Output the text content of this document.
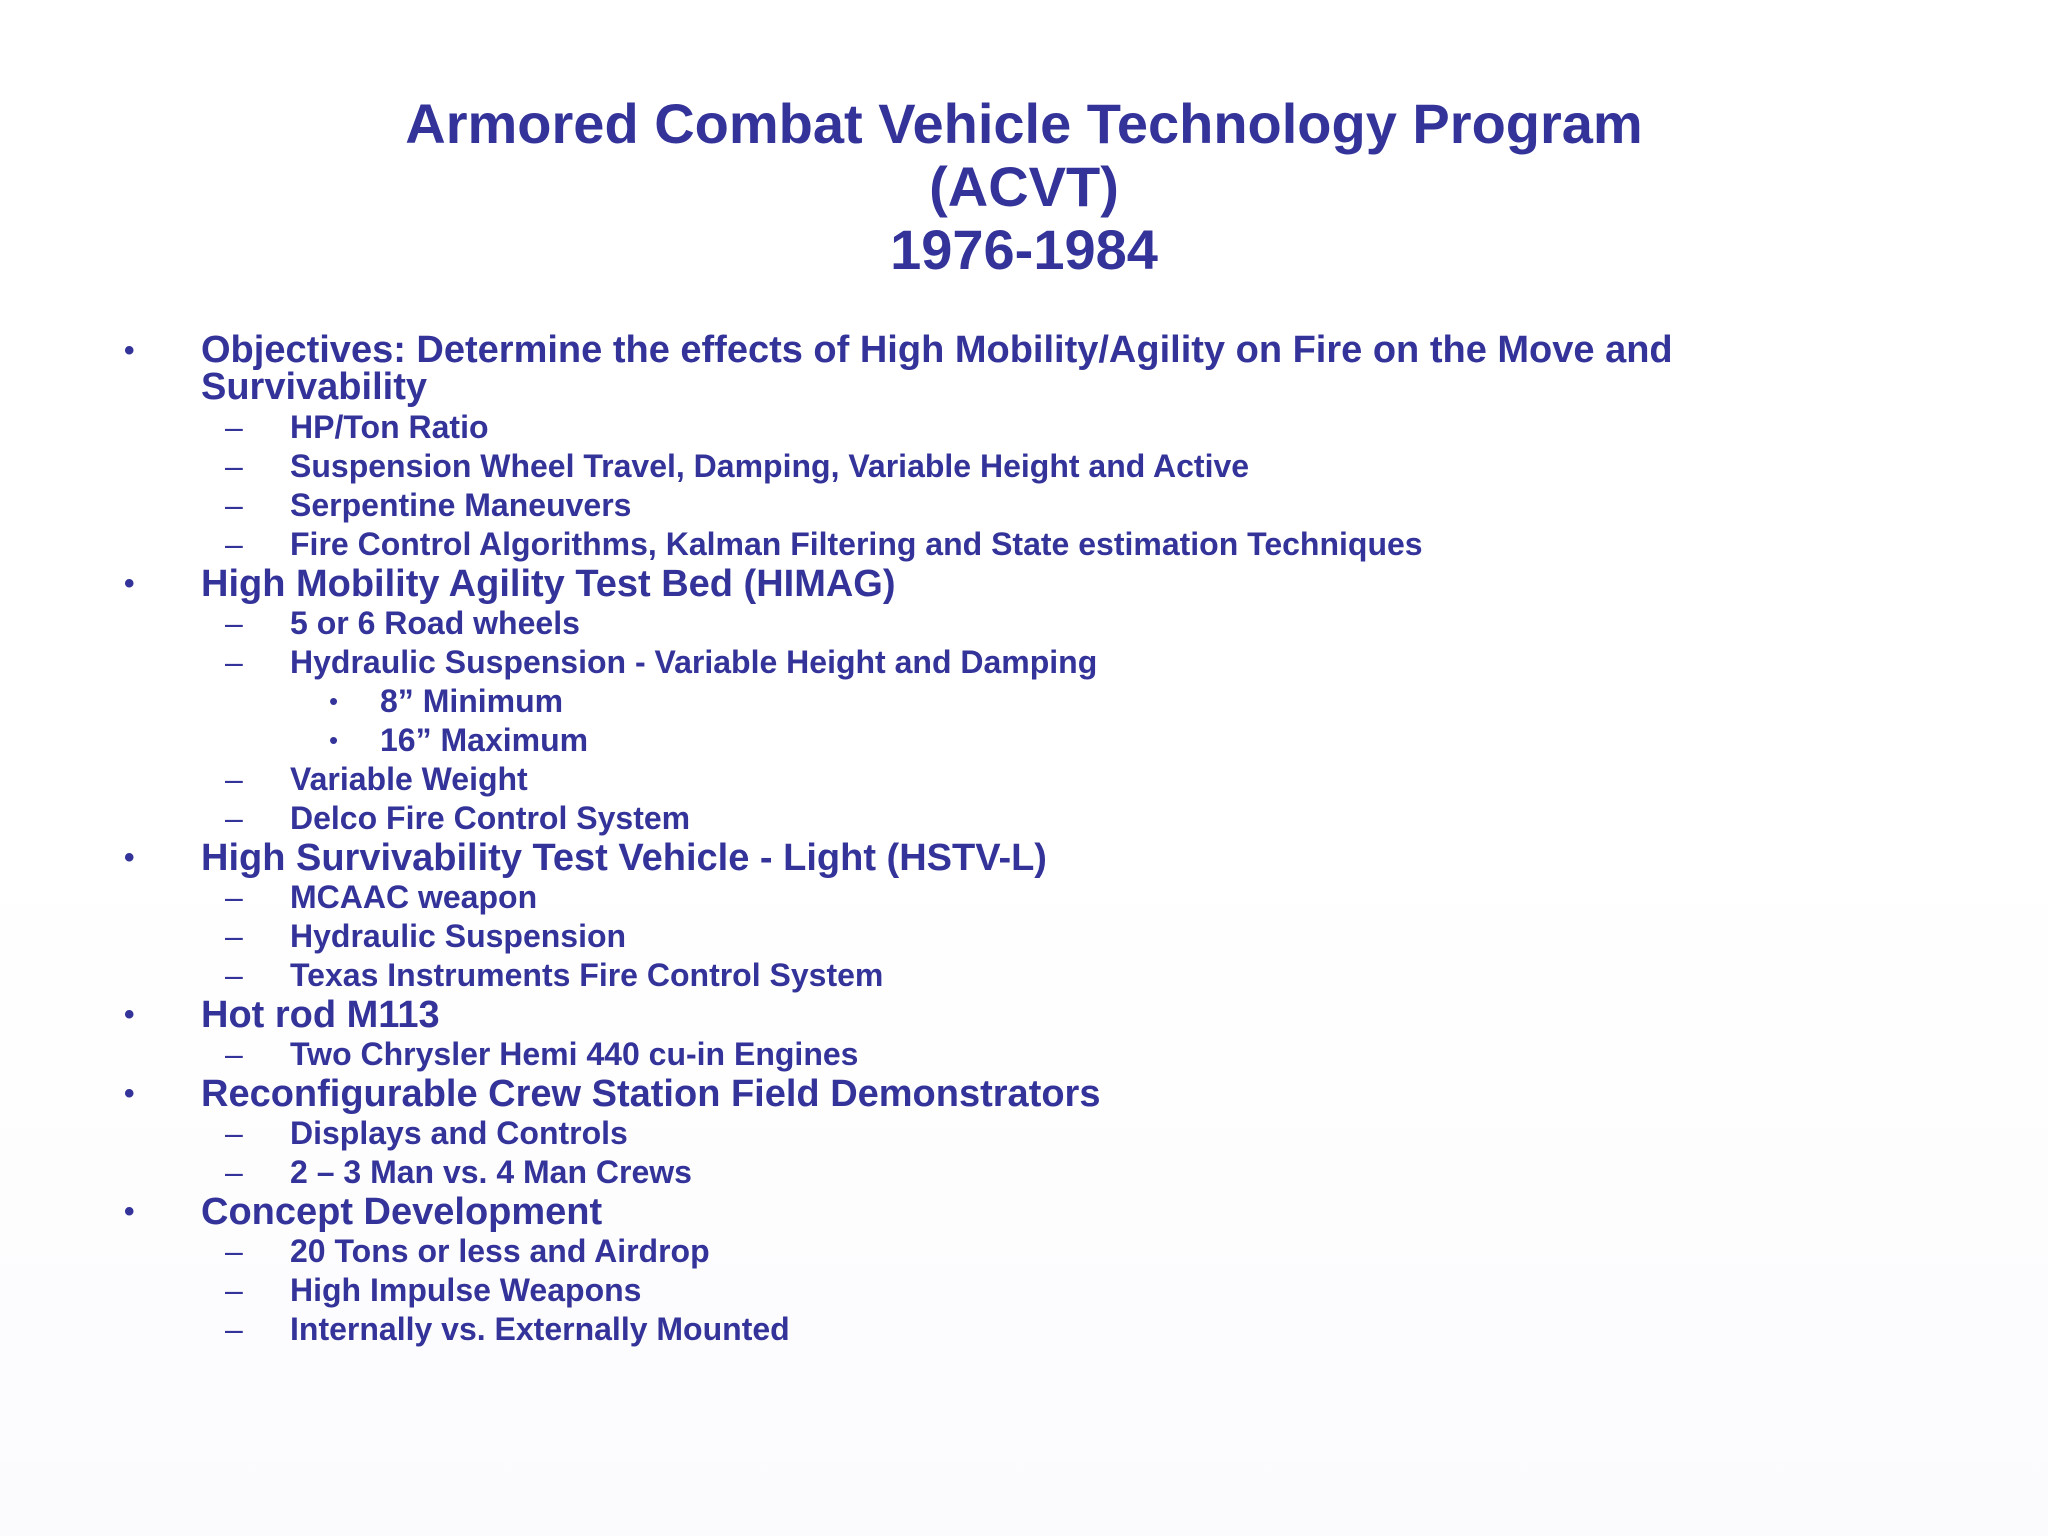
Armored Combat Vehicle Technology Program
(ACVT)
1976-1984
• Objectives: Determine the effects of High Mobility/Agility on Fire on the Move and Survivability
– HP/Ton Ratio
– Suspension Wheel Travel, Damping, Variable Height and Active
– Serpentine Maneuvers
– Fire Control Algorithms, Kalman Filtering and State estimation Techniques
• High Mobility Agility Test Bed (HIMAG)
– 5 or 6 Road wheels
– Hydraulic Suspension - Variable Height and Damping
• 8” Minimum
• 16” Maximum
– Variable Weight
– Delco Fire Control System
• High Survivability Test Vehicle - Light (HSTV-L)
– MCAAC weapon
– Hydraulic Suspension
– Texas Instruments Fire Control System
• Hot rod M113
– Two Chrysler Hemi 440 cu-in Engines
• Reconfigurable Crew Station Field Demonstrators
– Displays and Controls
– 2 – 3 Man vs. 4 Man Crews
• Concept Development
– 20 Tons or less and Airdrop
– High Impulse Weapons
– Internally vs. Externally Mounted
